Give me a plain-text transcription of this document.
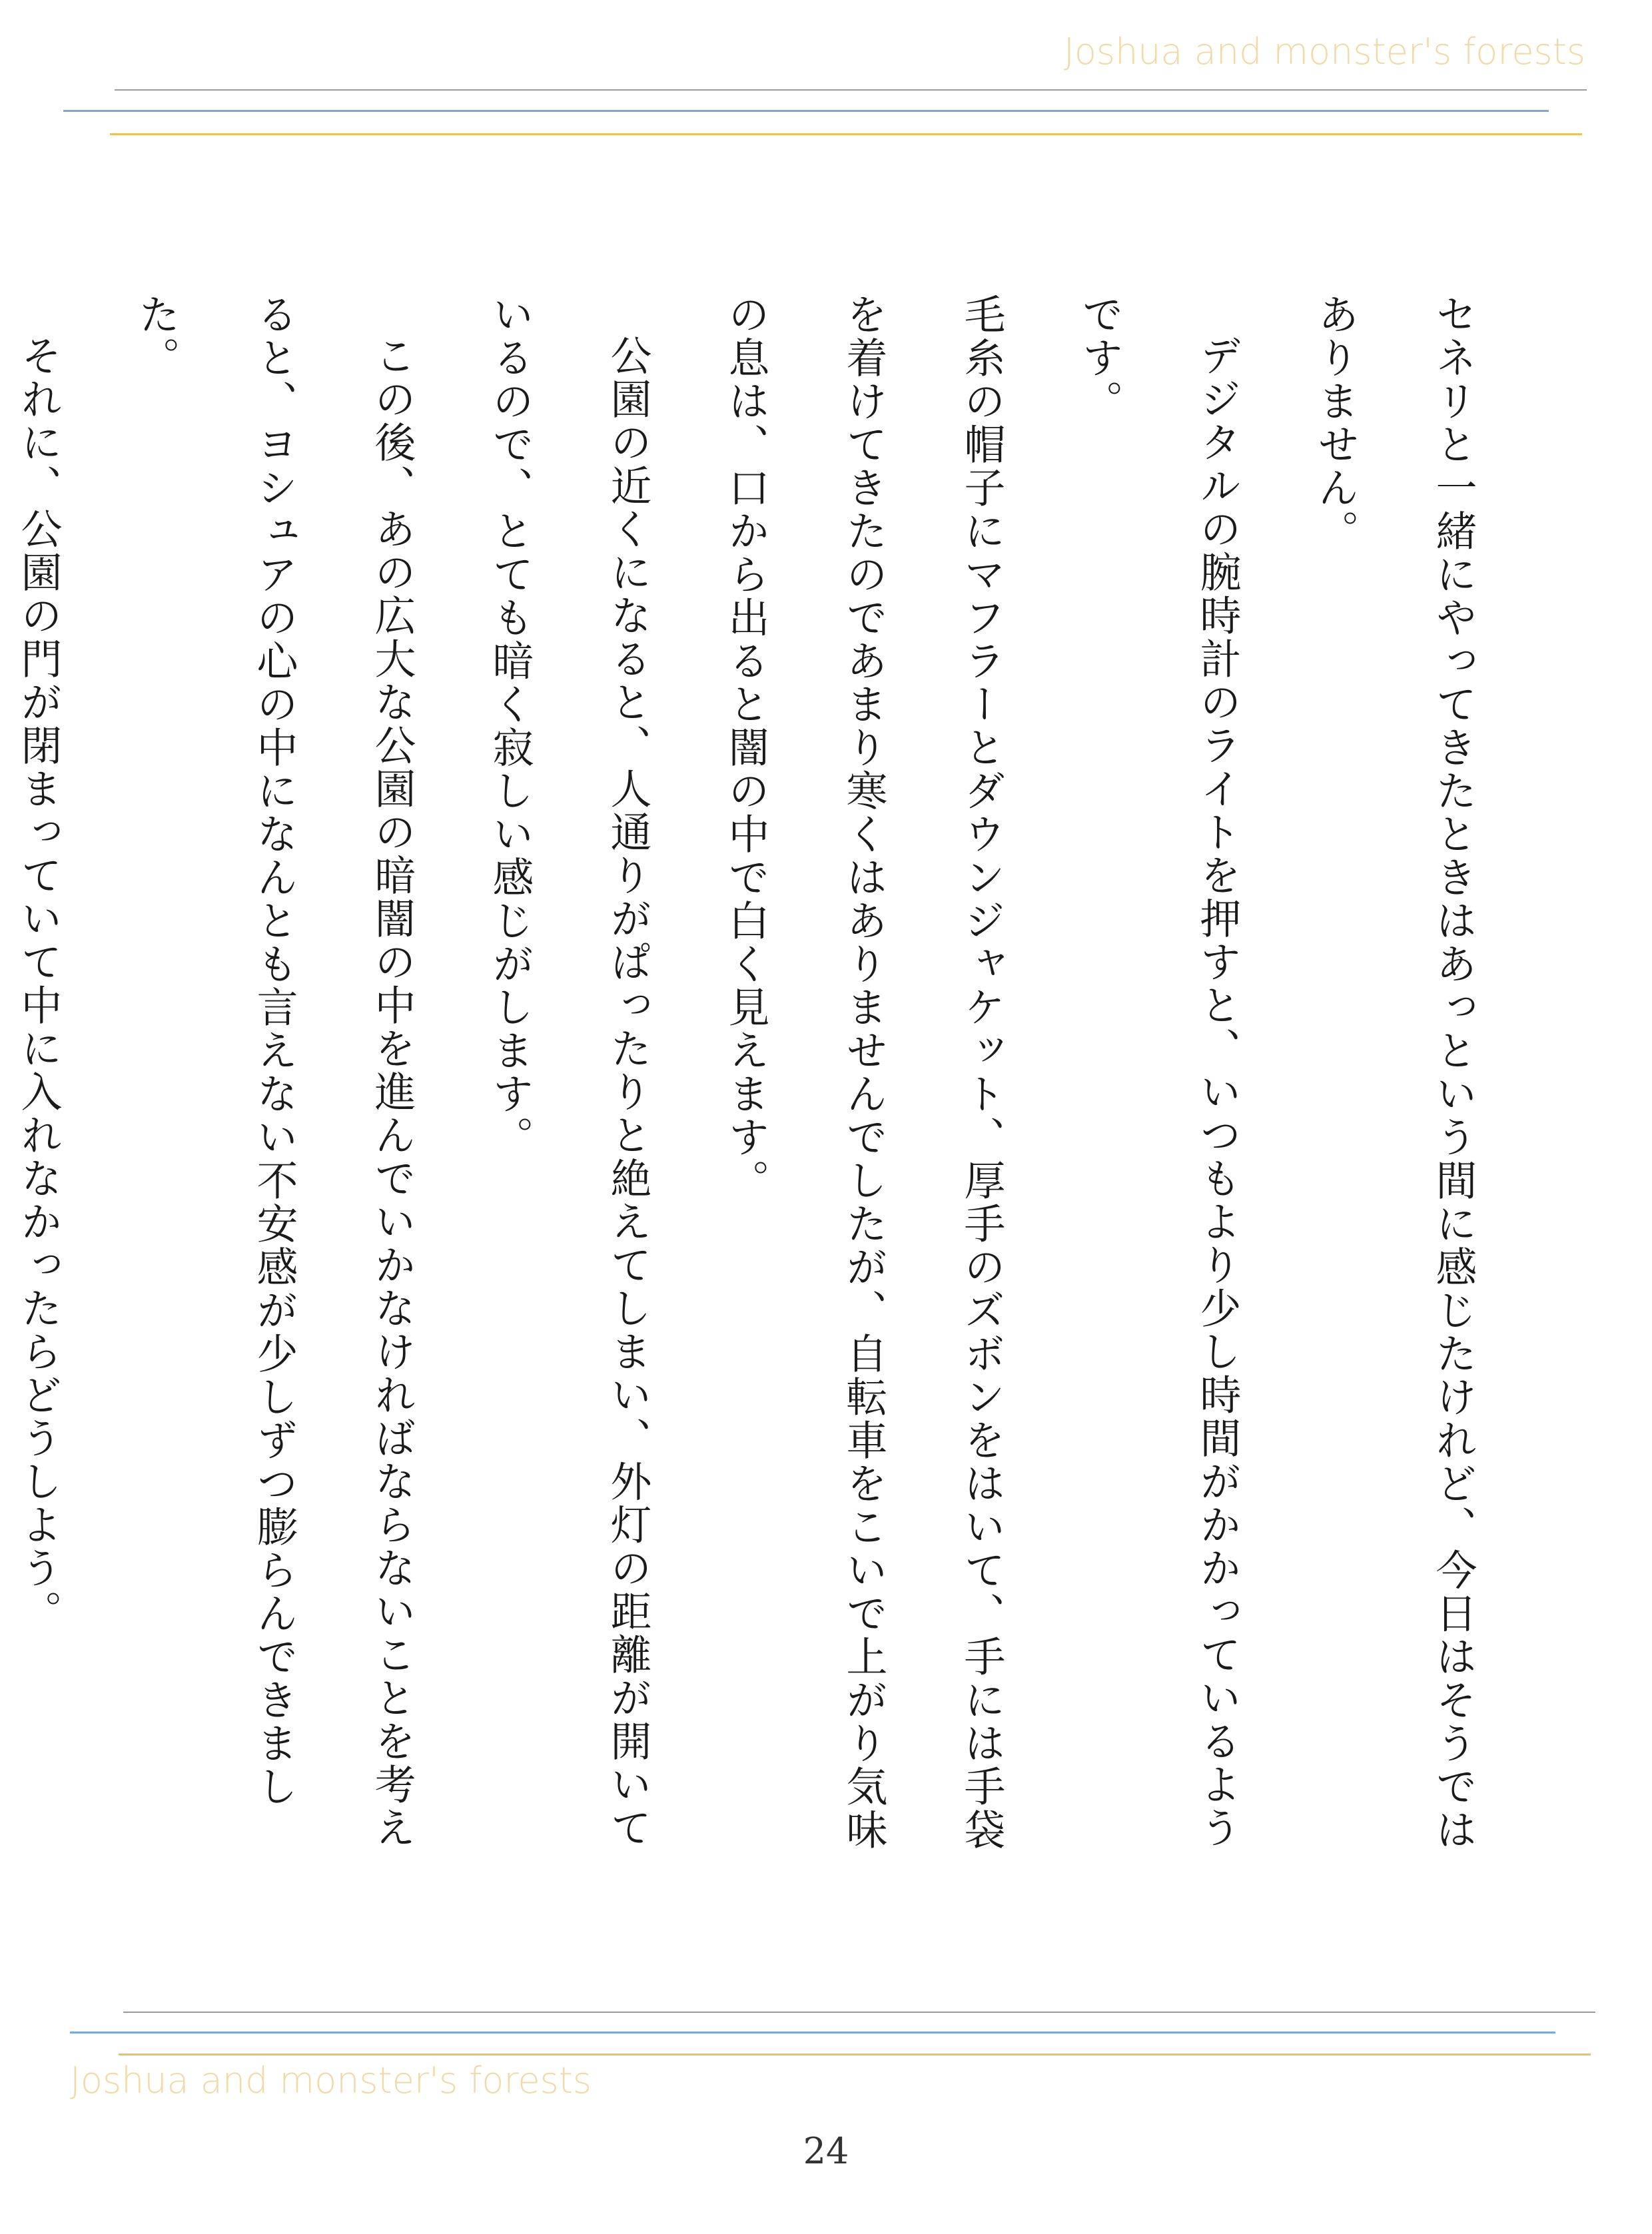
Joshua and monster's forests

セネリと一緒にやってきたときはあっという間に感じたけれど、今日はそうではありません。

デジタルの腕時計のライトを押すと、いつもより少し時間がかかっているようです。

毛糸の帽子にマフラーとダウンジャケット、厚手のズボンをはいて、手には手袋を着けてきたのであまり寒くはありませんでしたが、自転車をこいで上がり気味の息は、口から出ると闇の中で白く見えます。

公園の近くになると、人通りがぱったりと絶えてしまい、外灯の距離が開いているので、とても暗く寂しい感じがします。

この後、あの広大な公園の暗闇の中を進んでいかなければならないことを考えると、ヨシュアの心の中になんとも言えない不安感が少しずつ膨らんできました。

それに、公園の門が閉まっていて中に入れなかったらどうしよう。

Joshua and monster's forests
24
